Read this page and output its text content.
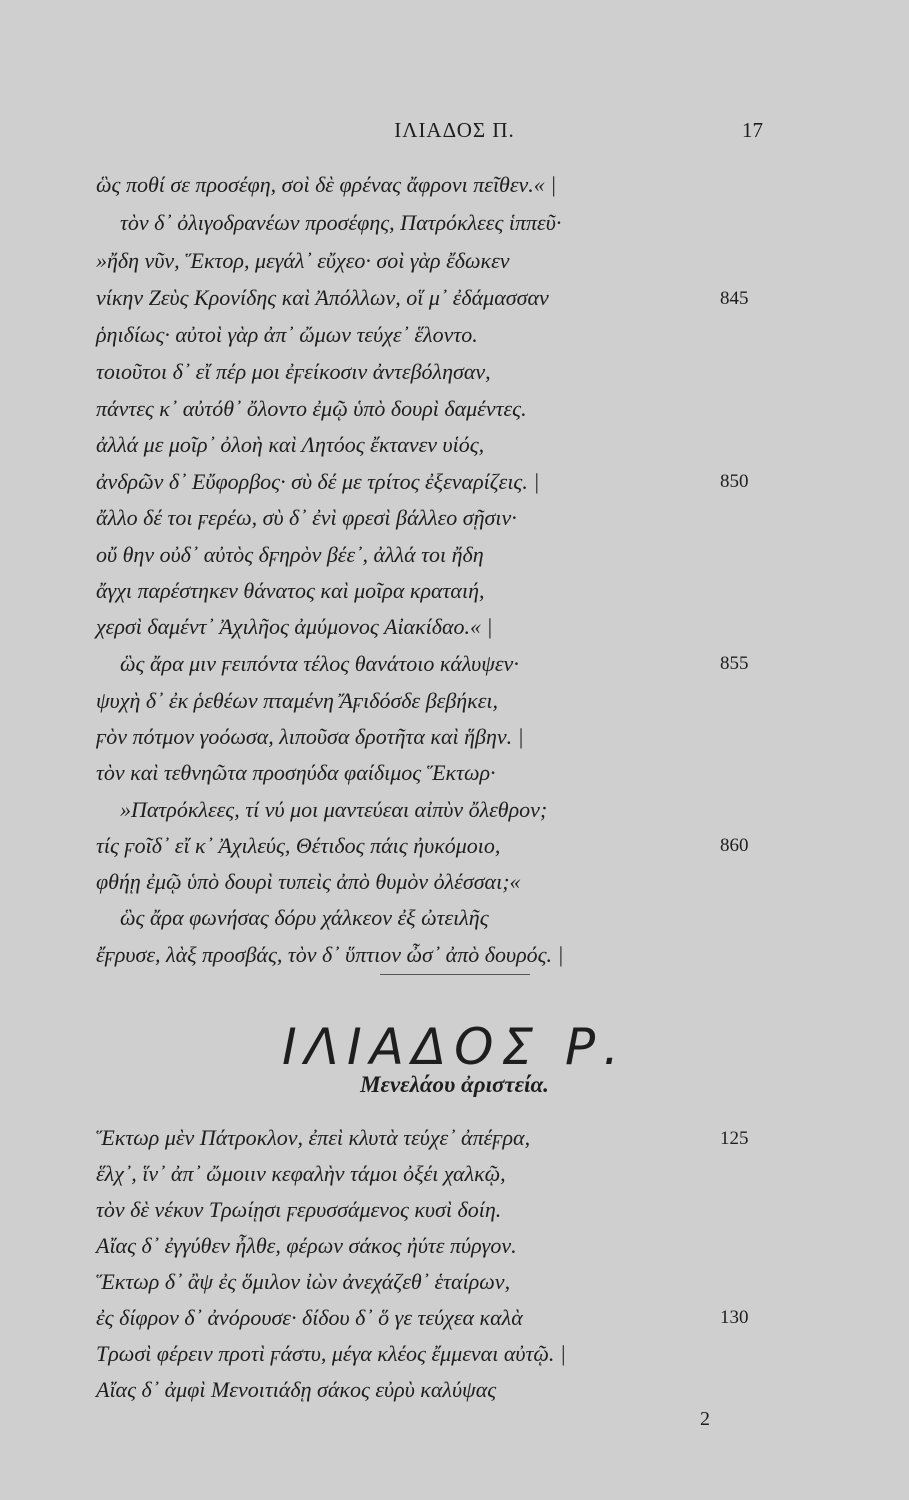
ΙΛΙΑΔΟΣ Π.	17
ὣς ποθί σε προσέφη, σοὶ δὲ φρένας ἄφρονι πεῖθεν.« |
τὸν δ᾽ ὀλιγοδρανέων προσέφης, Πατρόκλεες ἱππεῦ·
»ἤδη νῦν, Ἕκτορ, μεγάλ᾽ εὔχεο· σοὶ γὰρ ἔδωκεν
νίκην Ζεὺς Κρονίδης καὶ Ἀπόλλων, οἵ μ᾽ ἐδάμασσαν	845
ῥηιδίως· αὐτοὶ γὰρ ἀπ᾽ ὤμων τεύχε᾽ ἕλοντο.
τοιοῦτοι δ᾽ εἴ πέρ μοι ἐϝείκοσιν ἀντεβόλησαν,
πάντες κ᾽ αὐτόθ᾽ ὄλοντο ἐμῷ ὑπὸ δουρὶ δαμέντες.
ἀλλά με μοῖρ᾽ ὀλοὴ καὶ Λητόος ἔκτανεν υἱός,
ἀνδρῶν δ᾽ Εὔφορβος· σὺ δέ με τρίτος ἐξεναρίζεις. |	850
ἄλλο δέ τοι ϝερέω, σὺ δ᾽ ἐνὶ φρεσὶ βάλλεο σῇσιν·
οὔ θην οὐδ᾽ αὐτὸς δϝηρὸν βέε᾽, ἀλλά τοι ἤδη
ἄγχι παρέστηκεν θάνατος καὶ μοῖρα κραταιή,
χερσὶ δαμέντ᾽ Ἀχιλῆος ἀμύμονος Αἰακίδαο.« |
ὣς ἄρα μιν ϝειπόντα τέλος θανάτοιο κάλυψεν·	855
ψυχὴ δ᾽ ἐκ ῥεθέων πταμένη Ἄϝιδόσδε βεβήκει,
ϝὸν πότμον γοόωσα, λιποῦσα δροτῆτα καὶ ἥβην. |
τὸν καὶ τεθνηῶτα προσηύδα φαίδιμος Ἕκτωρ·
»Πατρόκλεες, τί νύ μοι μαντεύεαι αἰπὺν ὄλεθρον;
τίς ϝοῖδ᾽ εἴ κ᾽ Ἀχιλεύς, Θέτιδος πάις ἠυκόμοιο,	860
φθήῃ ἐμῷ ὑπὸ δουρὶ τυπεὶς ἀπὸ θυμὸν ὀλέσσαι;«
ὣς ἄρα φωνήσας δόρυ χάλκεον ἐξ ὠτειλῆς
ἔϝρυσε, λὰξ προσβάς, τὸν δ᾽ ὕπτιον ὦσ᾽ ἀπὸ δουρός. |
ΙΛΙΑΔΟΣ Ρ.
Μενελάου ἀριστεία.
Ἕκτωρ μὲν Πάτροκλον, ἐπεὶ κλυτὰ τεύχε᾽ ἀπέϝρα,	125
ἕλχ᾽, ἵν᾽ ἀπ᾽ ὤμοιιν κεφαλὴν τάμοι ὀξέι χαλκῷ,
τὸν δὲ νέκυν Τρωίῃσι ϝερυσσάμενος κυσὶ δοίη.
Αἴας δ᾽ ἐγγύθεν ἦλθε, φέρων σάκος ἠύτε πύργον.
Ἕκτωρ δ᾽ ἂψ ἐς ὅμιλον ἰὼν ἀνεχάζεθ᾽ ἑταίρων,
ἐς δίφρον δ᾽ ἀνόρουσε· δίδου δ᾽ ὅ γε τεύχεα καλὰ	130
Τρωσὶ φέρειν προτὶ ϝάστυ, μέγα κλέος ἔμμεναι αὐτῷ. |
Αἴας δ᾽ ἀμφὶ Μενοιτιάδῃ σάκος εὐρὺ καλύψας
2
